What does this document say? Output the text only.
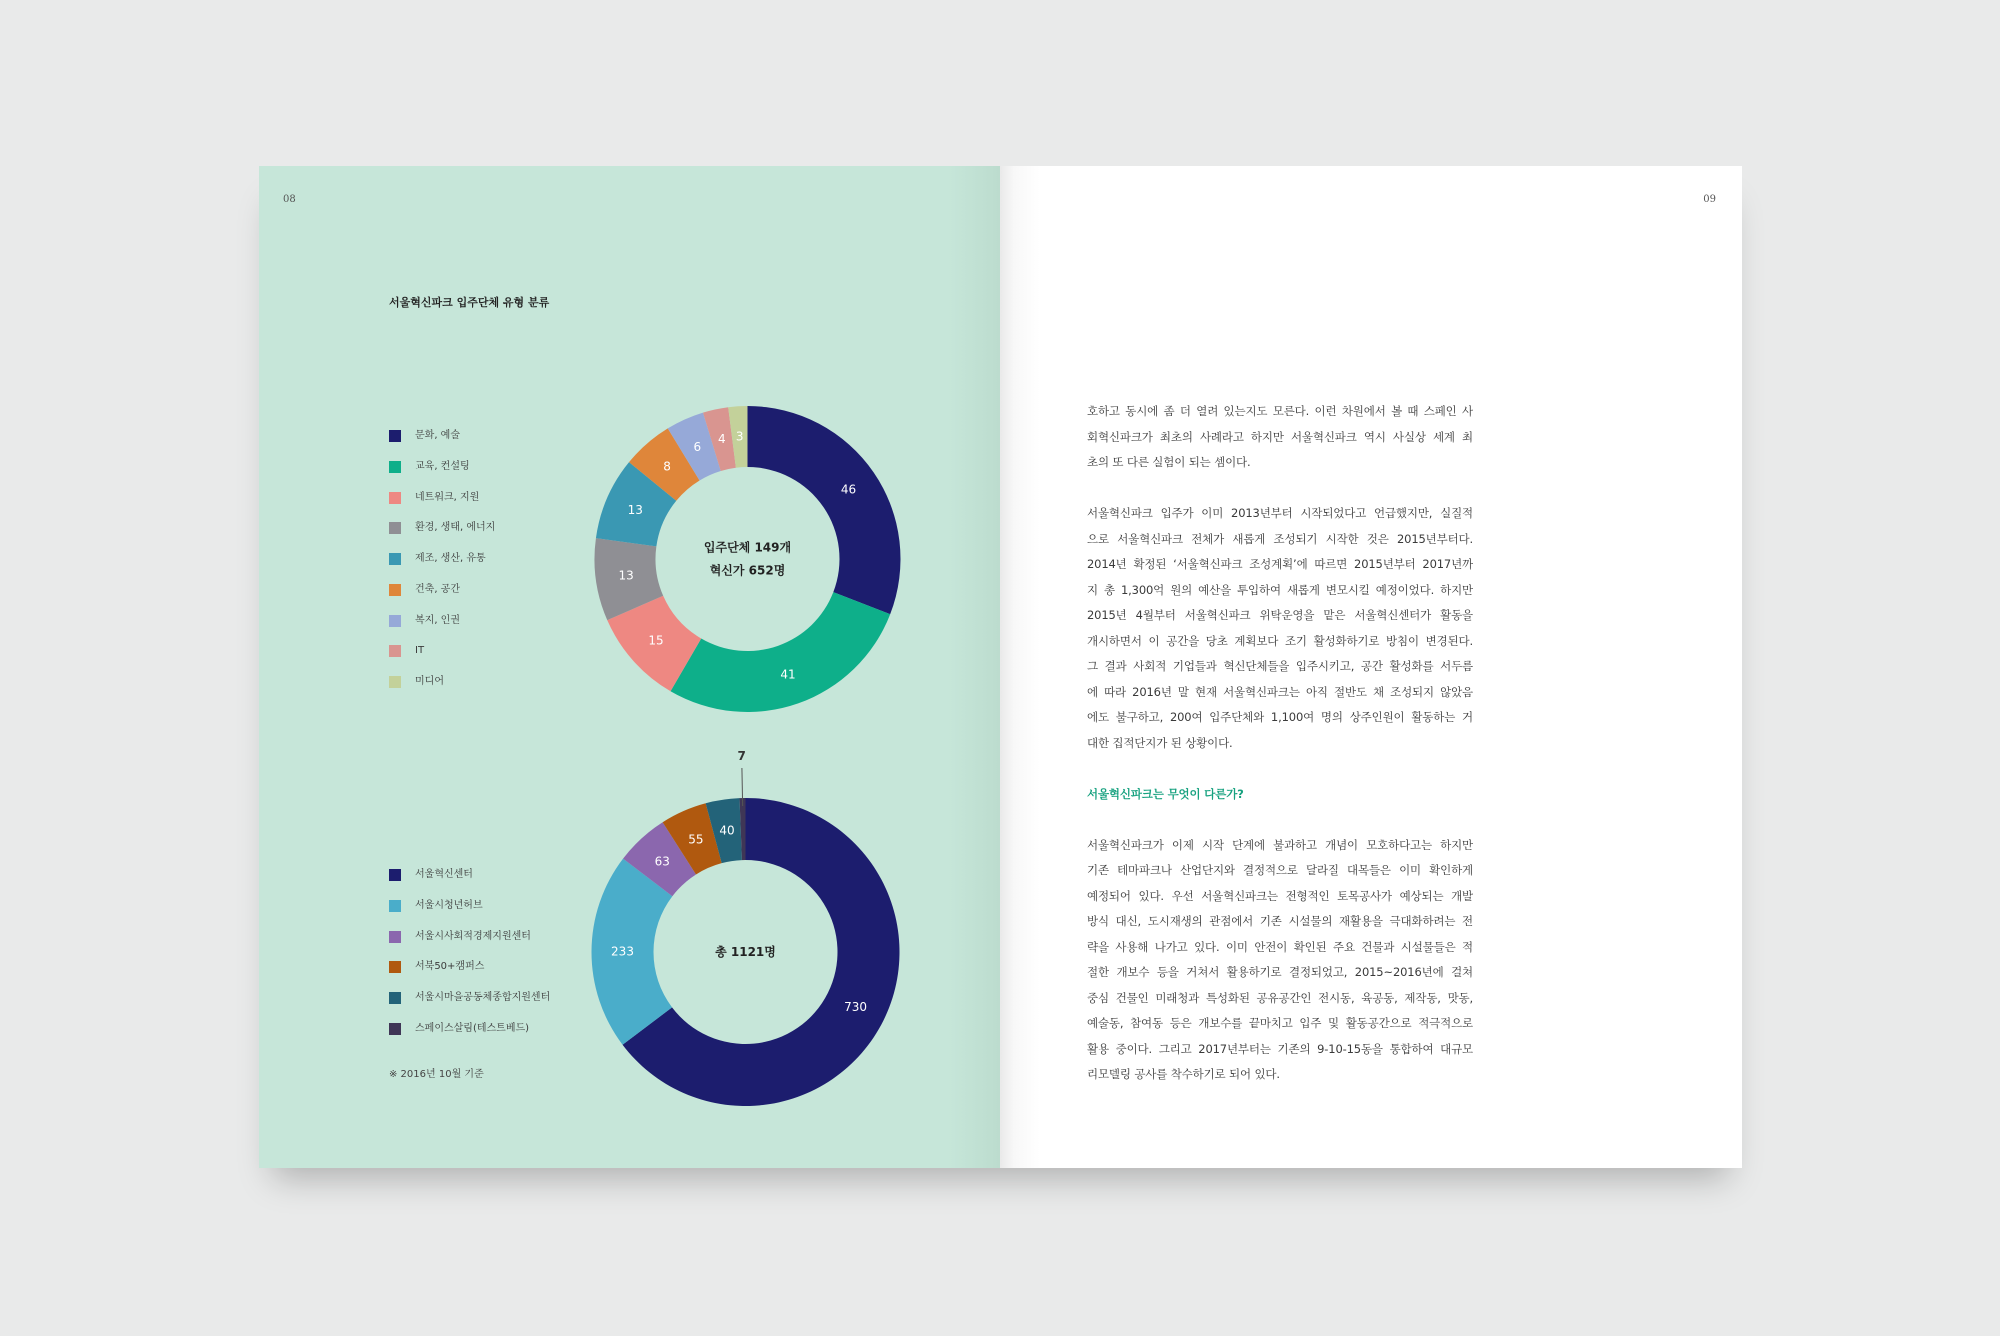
08
서울혁신파크 입주단체 유형 분류
46
41
15
13
13
8
6
4 3
입주단체 149개
혁신가 652명
730
233
63
55
40
7
총 1121명
문화, 예술
교육, 컨설팅
네트워크, 지원
환경, 생태, 에너지
제조, 생산, 유통
건축, 공간
복지, 인권
IT
미디어
서울혁신센터
서울시청년허브
서울시사회적경제지원센터
서북50+캠퍼스
서울시마을공동체종합지원센터
스페이스살림(테스트베드)
※ 2016년 10월 기준
09
호하고 동시에 좀 더 열려 있는지도 모른다. 이런 차원에서 볼 때 스페인 사
회혁신파크가 최초의 사례라고 하지만 서울혁신파크 역시 사실상 세계 최
초의 또 다른 실험이 되는 셈이다.
서울혁신파크 입주가 이미 2013년부터 시작되었다고 언급했지만, 실질적
으로 서울혁신파크 전체가 새롭게 조성되기 시작한 것은 2015년부터다.
2014년 확정된 ‘서울혁신파크 조성계획’에 따르면 2015년부터 2017년까
지 총 1,300억 원의 예산을 투입하여 새롭게 변모시킬 예정이었다. 하지만
2015년 4월부터 서울혁신파크 위탁운영을 맡은 서울혁신센터가 활동을
개시하면서 이 공간을 당초 계획보다 조기 활성화하기로 방침이 변경된다.
그 결과 사회적 기업들과 혁신단체들을 입주시키고, 공간 활성화를 서두름
에 따라 2016년 말 현재 서울혁신파크는 아직 절반도 채 조성되지 않았음
에도 불구하고, 200여 입주단체와 1,100여 명의 상주인원이 활동하는 거
대한 집적단지가 된 상황이다.
서울혁신파크는 무엇이 다른가?
서울혁신파크가 이제 시작 단계에 불과하고 개념이 모호하다고는 하지만
기존 테마파크나 산업단지와 결정적으로 달라질 대목들은 이미 확인하게
예정되어 있다. 우선 서울혁신파크는 전형적인 토목공사가 예상되는 개발
방식 대신, 도시재생의 관점에서 기존 시설물의 재활용을 극대화하려는 전
략을 사용해 나가고 있다. 이미 안전이 확인된 주요 건물과 시설물들은 적
절한 개보수 등을 거쳐서 활용하기로 결정되었고, 2015~2016년에 걸쳐
중심 건물인 미래청과 특성화된 공유공간인 전시동, 육공동, 제작동, 맛동,
예술동, 참여동 등은 개보수를 끝마치고 입주 및 활동공간으로 적극적으로
활용 중이다. 그리고 2017년부터는 기존의 9-10-15동을 통합하여 대규모
리모델링 공사를 착수하기로 되어 있다.
